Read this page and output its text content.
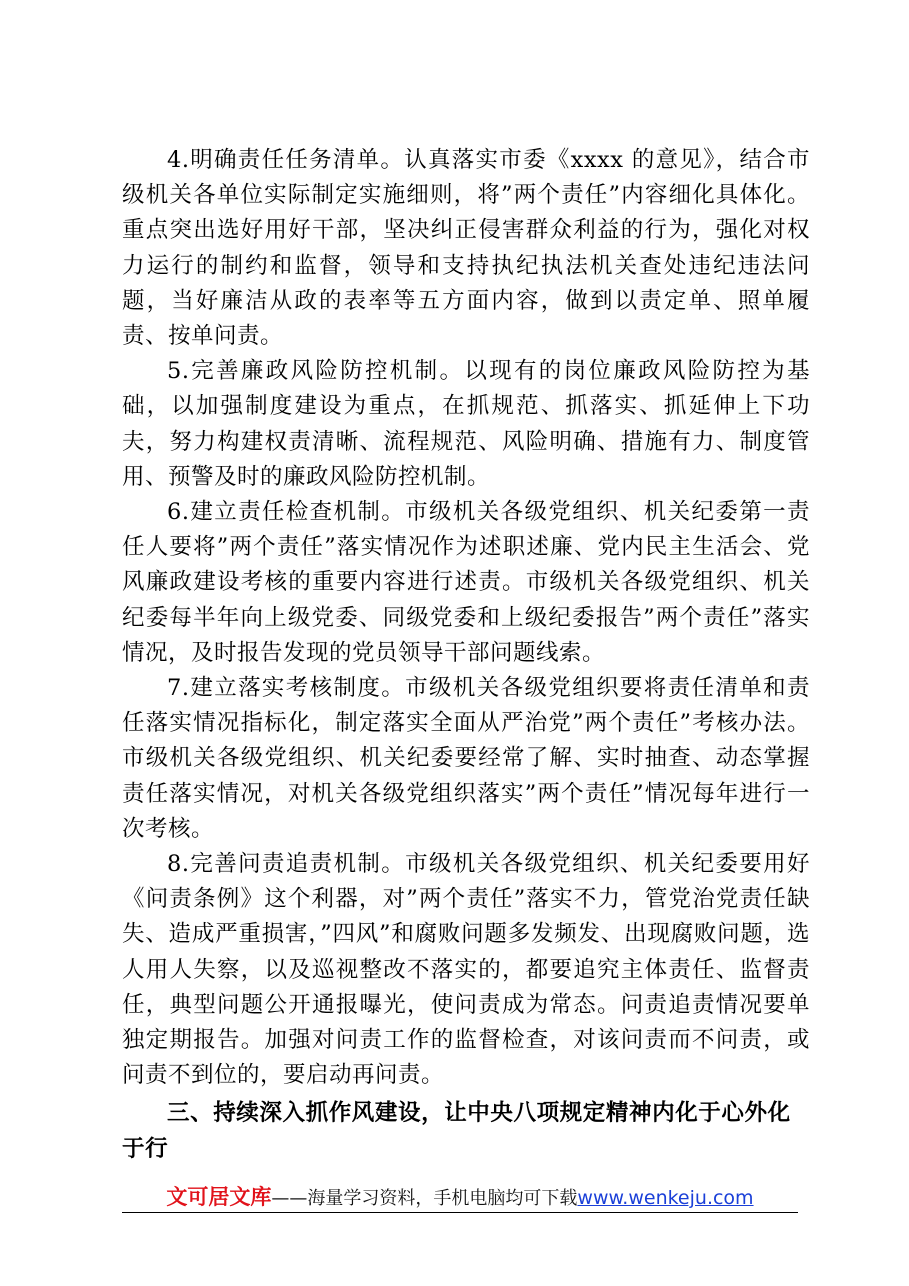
4.明确责任任务清单。认真落实市委《xxxx 的意见》，结合市级机关各单位实际制定实施细则，将”两个责任”内容细化具体化。重点突出选好用好干部，坚决纠正侵害群众利益的行为，强化对权力运行的制约和监督，领导和支持执纪执法机关查处违纪违法问题，当好廉洁从政的表率等五方面内容，做到以责定单、照单履责、按单问责。

5.完善廉政风险防控机制。以现有的岗位廉政风险防控为基础，以加强制度建设为重点，在抓规范、抓落实、抓延伸上下功夫，努力构建权责清晰、流程规范、风险明确、措施有力、制度管用、预警及时的廉政风险防控机制。

6.建立责任检查机制。市级机关各级党组织、机关纪委第一责任人要将”两个责任”落实情况作为述职述廉、党内民主生活会、党风廉政建设考核的重要内容进行述责。市级机关各级党组织、机关纪委每半年向上级党委、同级党委和上级纪委报告”两个责任”落实情况，及时报告发现的党员领导干部问题线索。

7.建立落实考核制度。市级机关各级党组织要将责任清单和责任落实情况指标化，制定落实全面从严治党”两个责任”考核办法。市级机关各级党组织、机关纪委要经常了解、实时抽查、动态掌握责任落实情况，对机关各级党组织落实”两个责任”情况每年进行一次考核。

8.完善问责追责机制。市级机关各级党组织、机关纪委要用好《问责条例》这个利器，对”两个责任”落实不力，管党治党责任缺失、造成严重损害，”四风”和腐败问题多发频发、出现腐败问题，选人用人失察，以及巡视整改不落实的，都要追究主体责任、监督责任，典型问题公开通报曝光，使问责成为常态。问责追责情况要单独定期报告。加强对问责工作的监督检查，对该问责而不问责，或问责不到位的，要启动再问责。

三、持续深入抓作风建设，让中央八项规定精神内化于心外化于行

文可居文库——海量学习资料，手机电脑均可下载www.wenkeju.com
